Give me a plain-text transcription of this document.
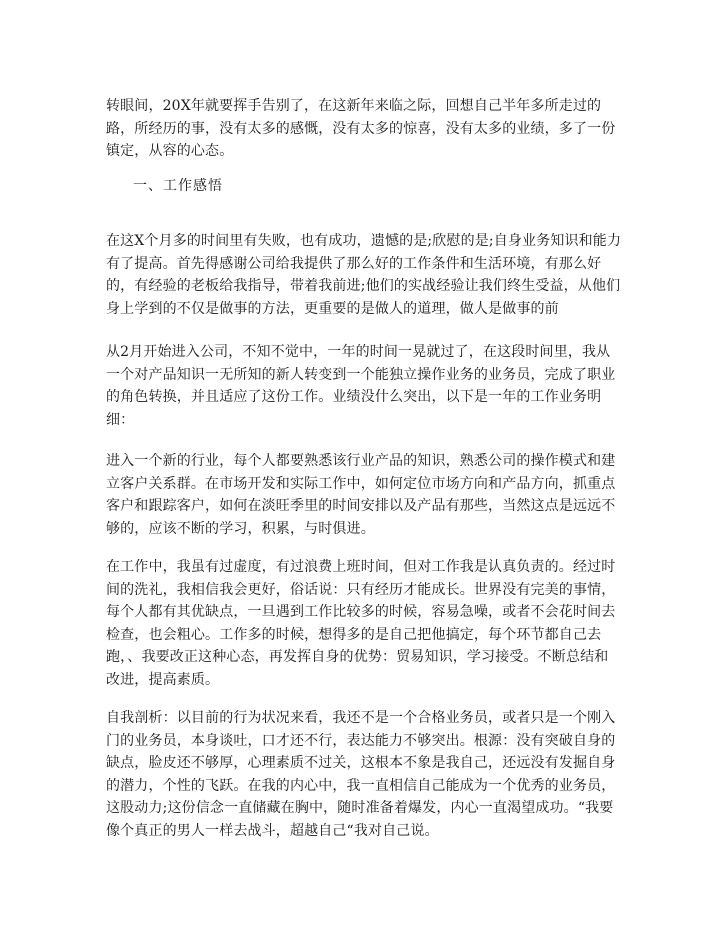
转眼间，20X年就要挥手告别了，在这新年来临之际，回想自己半年多所走过的路，所经历的事，没有太多的感慨，没有太多的惊喜，没有太多的业绩，多了一份镇定，从容的心态。

一、工作感悟

在这X个月多的时间里有失败，也有成功，遗憾的是;欣慰的是;自身业务知识和能力有了提高。首先得感谢公司给我提供了那么好的工作条件和生活环境，有那么好的，有经验的老板给我指导，带着我前进;他们的实战经验让我们终生受益，从他们身上学到的不仅是做事的方法，更重要的是做人的道理，做人是做事的前

从2月开始进入公司，不知不觉中，一年的时间一晃就过了，在这段时间里，我从一个对产品知识一无所知的新人转变到一个能独立操作业务的业务员，完成了职业的角色转换，并且适应了这份工作。业绩没什么突出，以下是一年的工作业务明细：

进入一个新的行业，每个人都要熟悉该行业产品的知识，熟悉公司的操作模式和建立客户关系群。在市场开发和实际工作中，如何定位市场方向和产品方向，抓重点客户和跟踪客户，如何在淡旺季里的时间安排以及产品有那些，当然这点是远远不够的，应该不断的学习，积累，与时俱进。

在工作中，我虽有过虚度，有过浪费上班时间，但对工作我是认真负责的。经过时间的洗礼，我相信我会更好，俗话说：只有经历才能成长。世界没有完美的事情，每个人都有其优缺点，一旦遇到工作比较多的时候，容易急噪，或者不会花时间去检查，也会粗心。工作多的时候，想得多的是自己把他搞定，每个环节都自己去跑，、我要改正这种心态，再发挥自身的优势：贸易知识，学习接受。不断总结和改进，提高素质。

自我剖析：以目前的行为状况来看，我还不是一个合格业务员，或者只是一个刚入门的业务员，本身谈吐，口才还不行，表达能力不够突出。根源：没有突破自身的缺点，脸皮还不够厚，心理素质不过关，这根本不象是我自己，还远没有发掘自身的潜力，个性的飞跃。在我的内心中，我一直相信自己能成为一个优秀的业务员，这股动力;这份信念一直储藏在胸中，随时准备着爆发，内心一直渴望成功。“我要像个真正的男人一样去战斗，超越自己“我对自己说。
